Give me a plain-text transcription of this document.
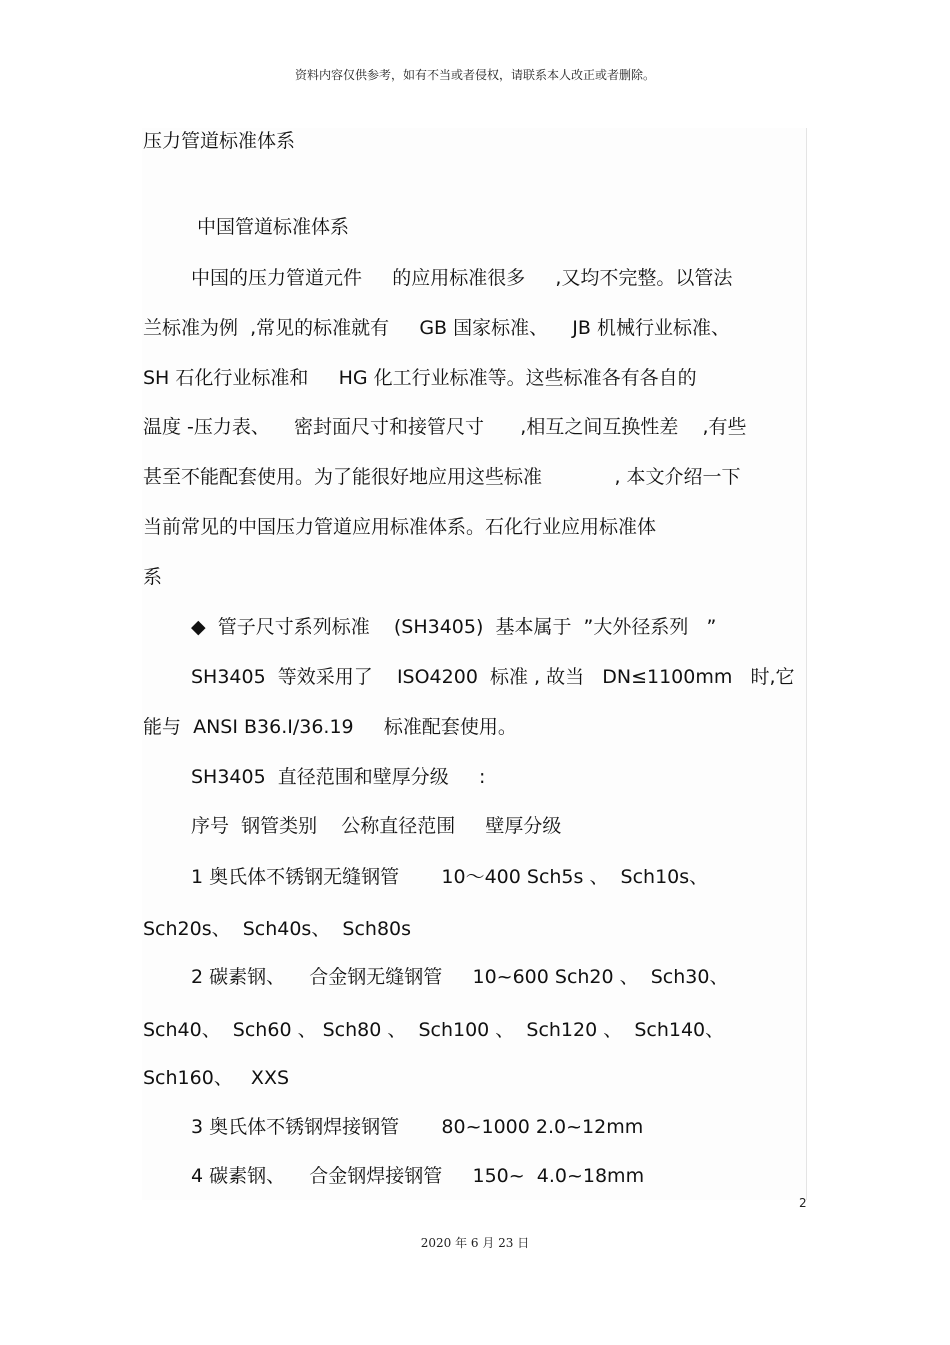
资料内容仅供参考，如有不当或者侵权，请联系本人改正或者删除。
压力管道标准体系
中国管道标准体系
中国的压力管道元件     的应用标准很多     ,又均不完整。以管法
兰标准为例  ,常见的标准就有     GB 国家标准、    JB 机械行业标准、
SH 石化行业标准和     HG 化工行业标准等。这些标准各有各自的
温度 -压力表、    密封面尺寸和接管尺寸      ,相互之间互换性差    ,有些
甚至不能配套使用。为了能很好地应用这些标准            , 本文介绍一下
当前常见的中国压力管道应用标准体系。石化行业应用标准体
系
◆  管子尺寸系列标准    (SH3405)  基本属于  ”大外径系列   ”
SH3405  等效采用了    ISO4200  标准 , 故当   DN≤1100mm   时,它
能与  ANSI B36.I/36.19     标准配套使用。
SH3405  直径范围和壁厚分级     :
序号  钢管类别    公称直径范围     壁厚分级
1 奥氏体不锈钢无缝钢管       10～400 Sch5s 、  Sch10s、
Sch20s、  Sch40s、  Sch80s
2 碳素钢、    合金钢无缝钢管     10~600 Sch20 、  Sch30、
Sch40、  Sch60 、 Sch80 、  Sch100 、  Sch120 、  Sch140、
Sch160、   XXS
3 奥氏体不锈钢焊接钢管       80~1000 2.0~12mm
4 碳素钢、    合金钢焊接钢管     150~  4.0~18mm
2
2020 年 6 月 23 日
